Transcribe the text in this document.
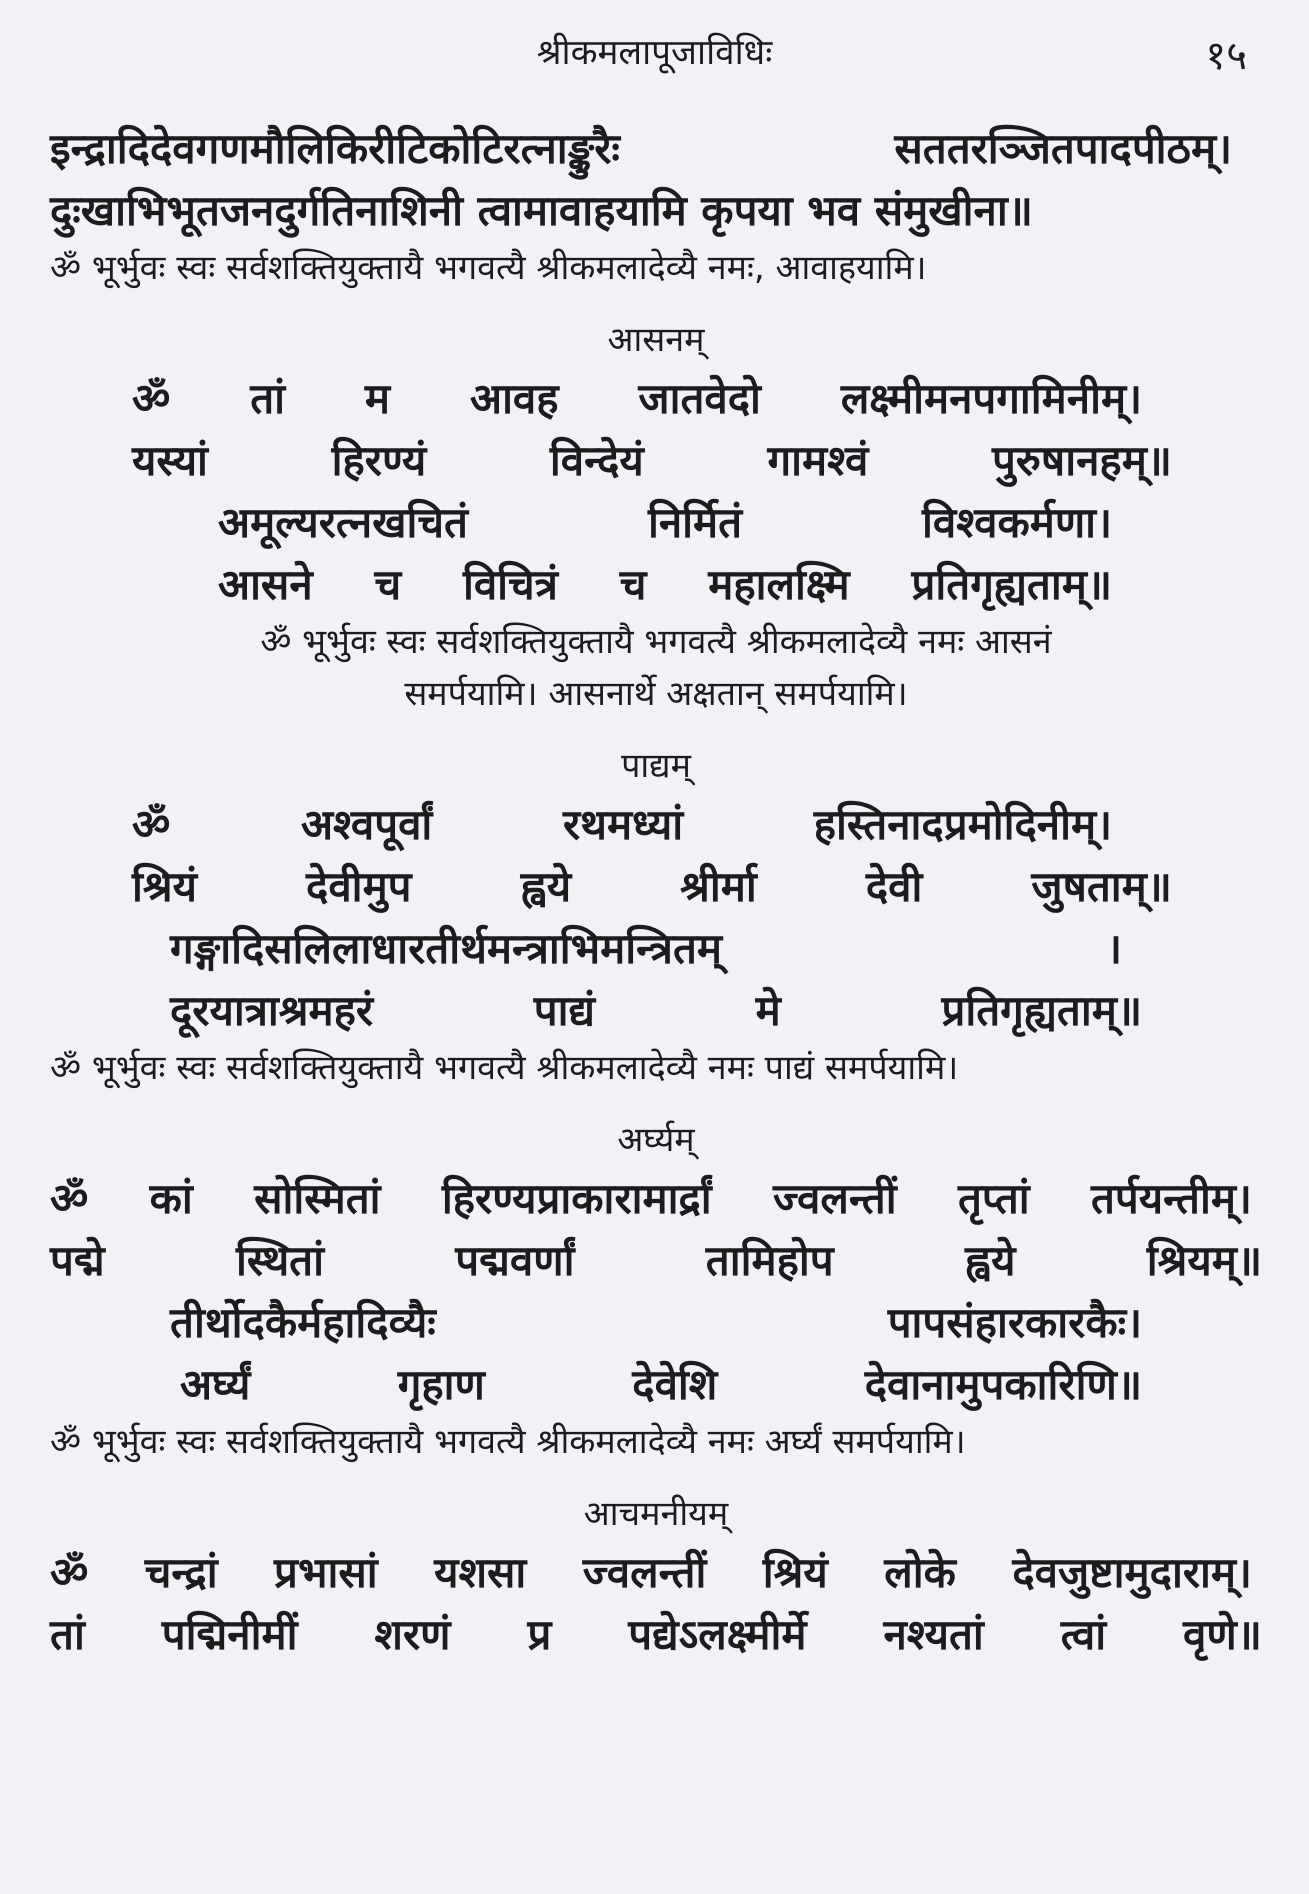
श्रीकमलापूजाविधिः	१५
इन्द्रादिदेवगणमौलिकिरीटिकोटिरत्नाङ्कुरैः	सततरञ्जितपादपीठम्।
दुःखाभिभूतजनदुर्गतिनाशिनी त्वामावाहयामि कृपया भव संमुखीना॥
ॐ भूर्भुवः स्वः सर्वशक्तियुक्तायै भगवत्यै श्रीकमलादेव्यै नमः, आवाहयामि।
आसनम्
ॐ तां म आवह जातवेदो लक्ष्मीमनपगामिनीम्।
यस्यां	हिरण्यं	विन्देयं	गामश्वं	पुरुषानहम्॥
अमूल्यरत्नखचितं	निर्मितं	विश्वकर्मणा।
आसने च विचित्रं च महालक्ष्मि प्रतिगृह्यताम्॥
ॐ भूर्भुवः स्वः सर्वशक्तियुक्तायै भगवत्यै श्रीकमलादेव्यै नमः आसनं
समर्पयामि। आसनार्थे अक्षतान् समर्पयामि।
पाद्यम्
ॐ	अश्वपूर्वां	रथमध्यां	हस्तिनादप्रमोदिनीम्।
श्रियं	देवीमुप	ह्वये	श्रीर्मा	देवी	जुषताम्॥
गङ्गादिसलिलाधारतीर्थमन्त्राभिमन्त्रितम्	।
दूरयात्राश्रमहरं	पाद्यं	मे	प्रतिगृह्यताम्॥
ॐ भूर्भुवः स्वः सर्वशक्तियुक्तायै भगवत्यै श्रीकमलादेव्यै नमः पाद्यं समर्पयामि।
अर्घ्यम्
ॐ कां सोस्मितां हिरण्यप्राकारामार्द्रां ज्वलन्तीं तृप्तां तर्पयन्तीम्।
पद्मे	स्थितां	पद्मवर्णां	तामिहोप	ह्वये	श्रियम्॥
तीर्थोदकैर्महादिव्यैः	पापसंहारकारकैः।
अर्घ्यं	गृहाण	देवेशि	देवानामुपकारिणि॥
ॐ भूर्भुवः स्वः सर्वशक्तियुक्तायै भगवत्यै श्रीकमलादेव्यै नमः अर्घ्यं समर्पयामि।
आचमनीयम्
ॐ चन्द्रां प्रभासां यशसा ज्वलन्तीं श्रियं लोके देवजुष्टामुदाराम्।
तां पद्मिनीमीं शरणं प्र पद्येऽलक्ष्मीर्मे नश्यतां त्वां वृणे॥
